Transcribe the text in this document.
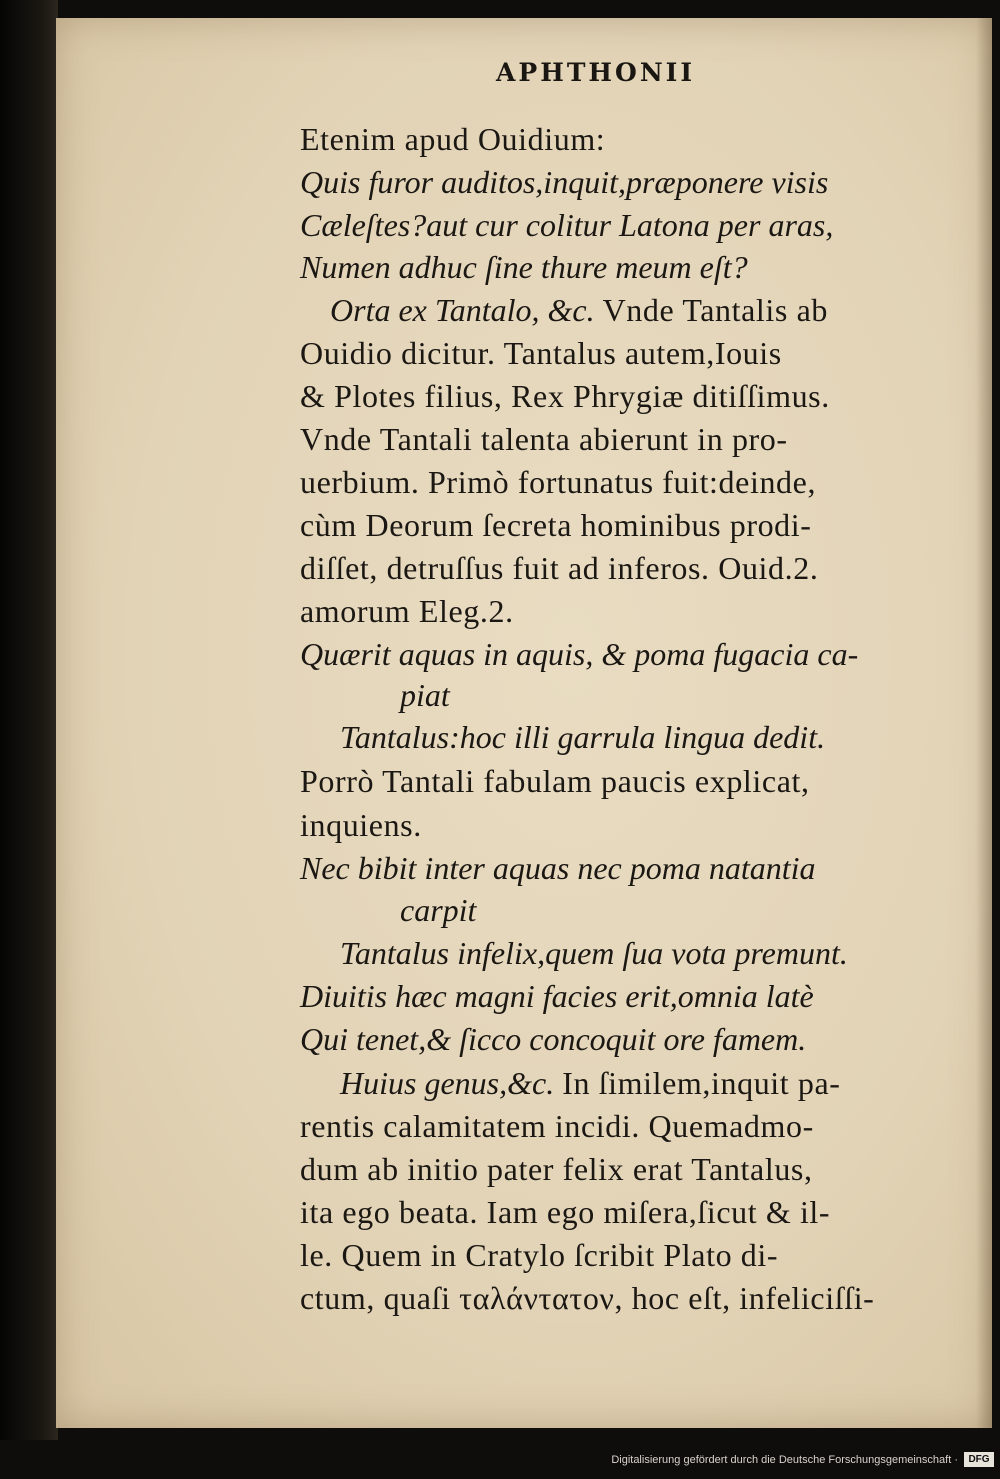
APHTHONII
Etenim apud Ouidium:
Quis furor auditos,inquit,præponere visis
Cæleſtes?aut cur colitur Latona per aras,
Numen adhuc ſine thure meum eſt?
Orta ex Tantalo, &c. Vnde Tantalis ab
Ouidio dicitur. Tantalus autem,Iouis
& Plotes filius, Rex Phrygiæ ditiſſimus.
Vnde Tantali talenta abierunt in pro-
uerbium. Primò fortunatus fuit:deinde,
cùm Deorum ſecreta hominibus prodi-
diſſet, detruſſus fuit ad inferos. Ouid.2.
amorum Eleg.2.
Quærit aquas in aquis, & poma fugacia ca-
piat
Tantalus:hoc illi garrula lingua dedit.
Porrò Tantali fabulam paucis explicat,
inquiens.
Nec bibit inter aquas nec poma natantia
carpit
Tantalus infelix,quem ſua vota premunt.
Diuitis hæc magni facies erit,omnia latè
Qui tenet,& ſicco concoquit ore famem.
Huius genus,&c. In ſimilem,inquit pa-
rentis calamitatem incidi. Quemadmo-
dum ab initio pater felix erat Tantalus,
ita ego beata. Iam ego miſera,ſicut & il-
le. Quem in Cratylo ſcribit Plato di-
ctum, quaſi ταλάντατον, hoc eſt, infeliciſſi-
Digitalisierung gefördert durch die Deutsche Forschungsgemeinschaft ·	DFG
